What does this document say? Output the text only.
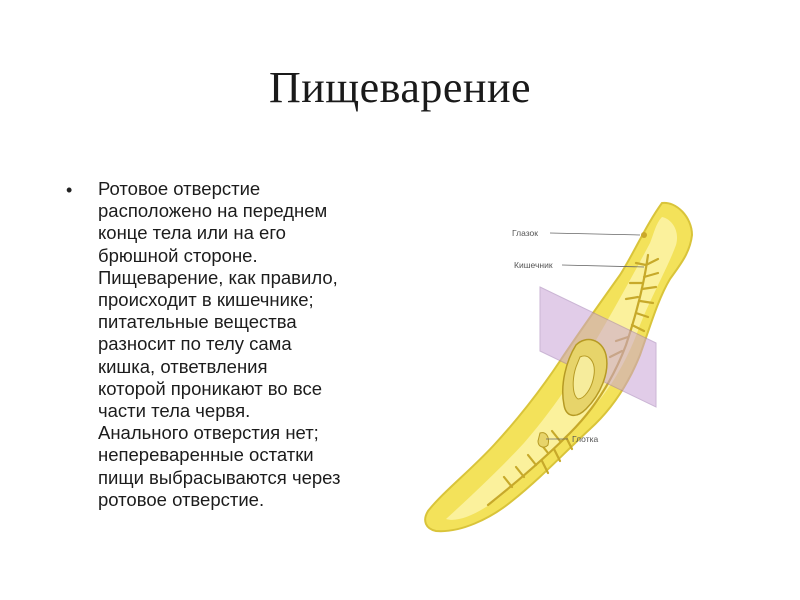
Пищеварение
• Ротовое отверстие
расположено на переднем
конце тела или на его
брюшной стороне.
Пищеварение, как правило,
происходит в кишечнике;
питательные вещества
разносит по телу сама
кишка, ответвления
которой проникают во все
части тела червя.
Анального отверстия нет;
непереваренные остатки
пищи выбрасываются через
ротовое отверстие.
Глазок
Кишечник
Глотка
